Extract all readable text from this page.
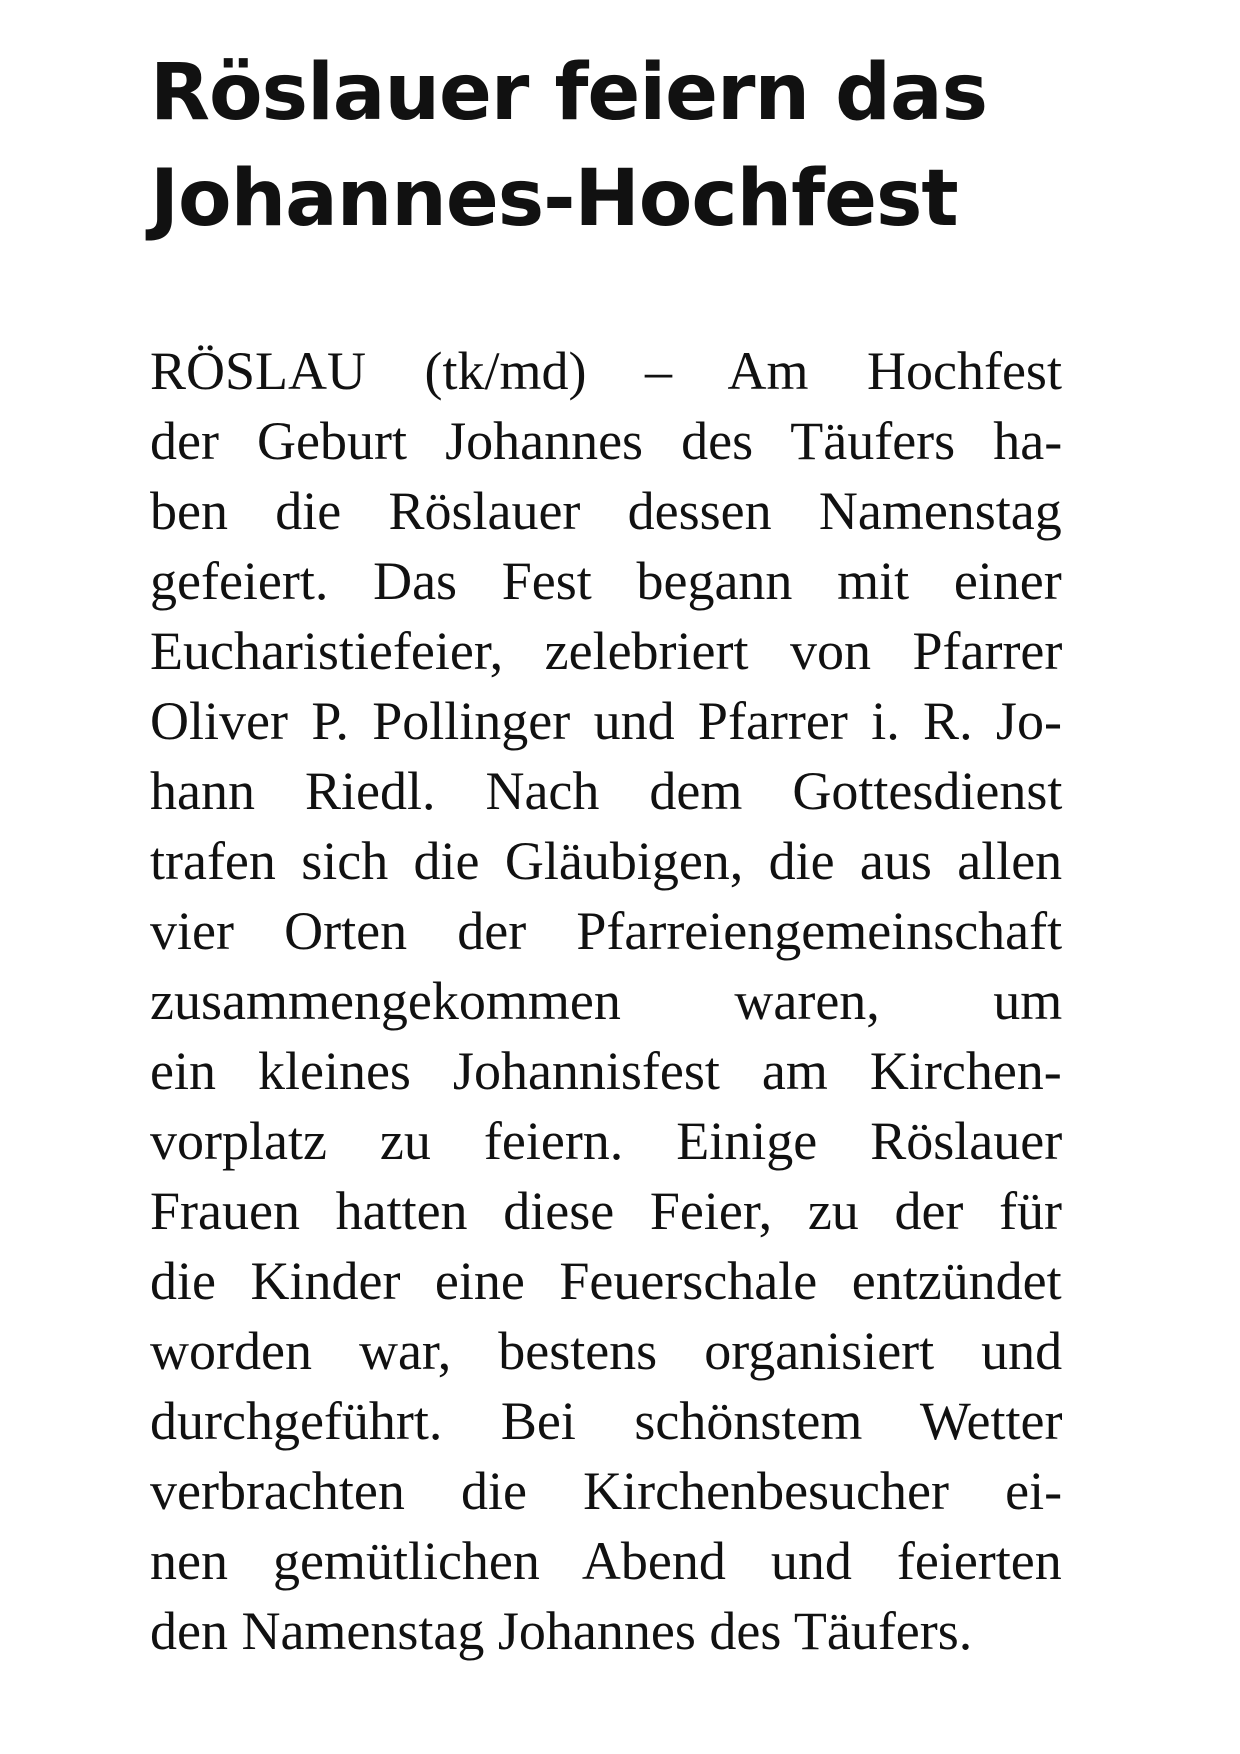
Röslauer feiern das
Johannes-Hochfest
RÖSLAU (tk/md) – Am Hochfest
der Geburt Johannes des Täufers ha-
ben die Röslauer dessen Namenstag
gefeiert. Das Fest begann mit einer
Eucharistiefeier, zelebriert von Pfarrer
Oliver P. Pollinger und Pfarrer i. R. Jo-
hann Riedl. Nach dem Gottesdienst
trafen sich die Gläubigen, die aus allen
vier Orten der Pfarreiengemeinschaft
zusammengekommen waren, um
ein kleines Johannisfest am Kirchen-
vorplatz zu feiern. Einige Röslauer
Frauen hatten diese Feier, zu der für
die Kinder eine Feuerschale entzündet
worden war, bestens organisiert und
durchgeführt. Bei schönstem Wetter
verbrachten die Kirchenbesucher ei-
nen gemütlichen Abend und feierten
den Namenstag Johannes des Täufers.
